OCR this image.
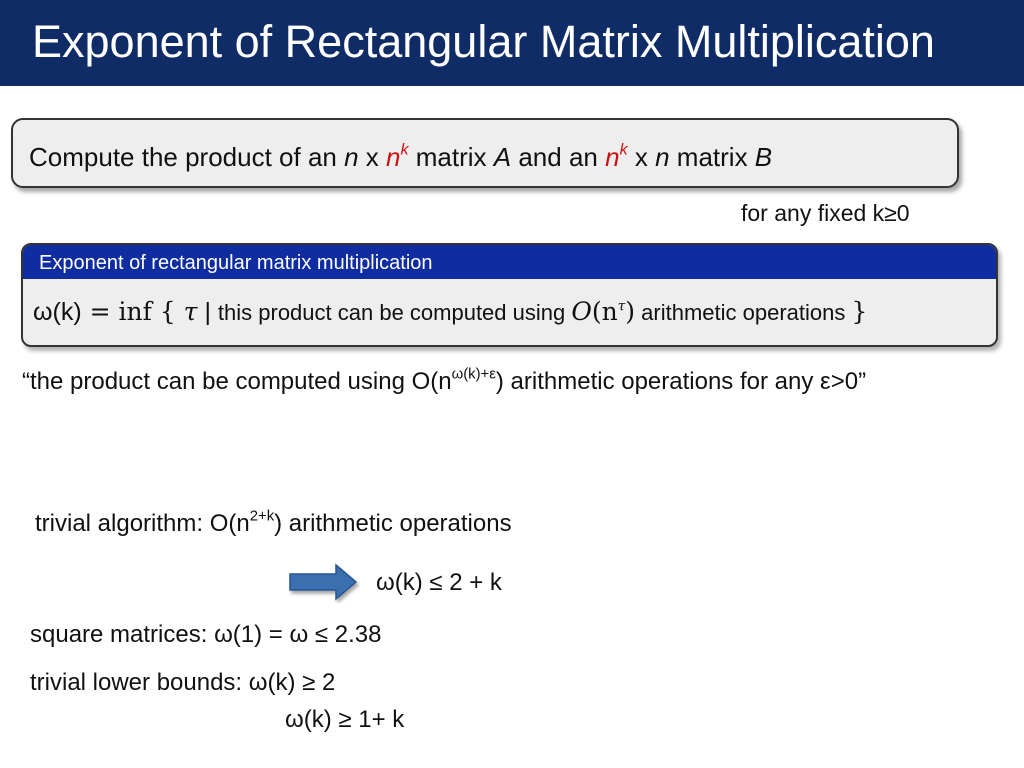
Exponent of Rectangular Matrix Multiplication
Compute the product of an n x $n^k$ matrix A and an $n^k$ x n matrix B
for any fixed k≥0
Exponent of rectangular matrix multiplication
ω(k) = inf { τ | this product can be computed using $O(n^\tau)$ arithmetic operations }
“the product can be computed using $O(n^{\omega(k)+\varepsilon})$ arithmetic operations for any ε>0”
trivial algorithm: $O(n^{2+k})$ arithmetic operations
ω(k) ≤ 2 + k
square matrices: ω(1) = ω ≤ 2.38
trivial lower bounds: ω(k) ≥ 2
ω(k) ≥ 1+ k
